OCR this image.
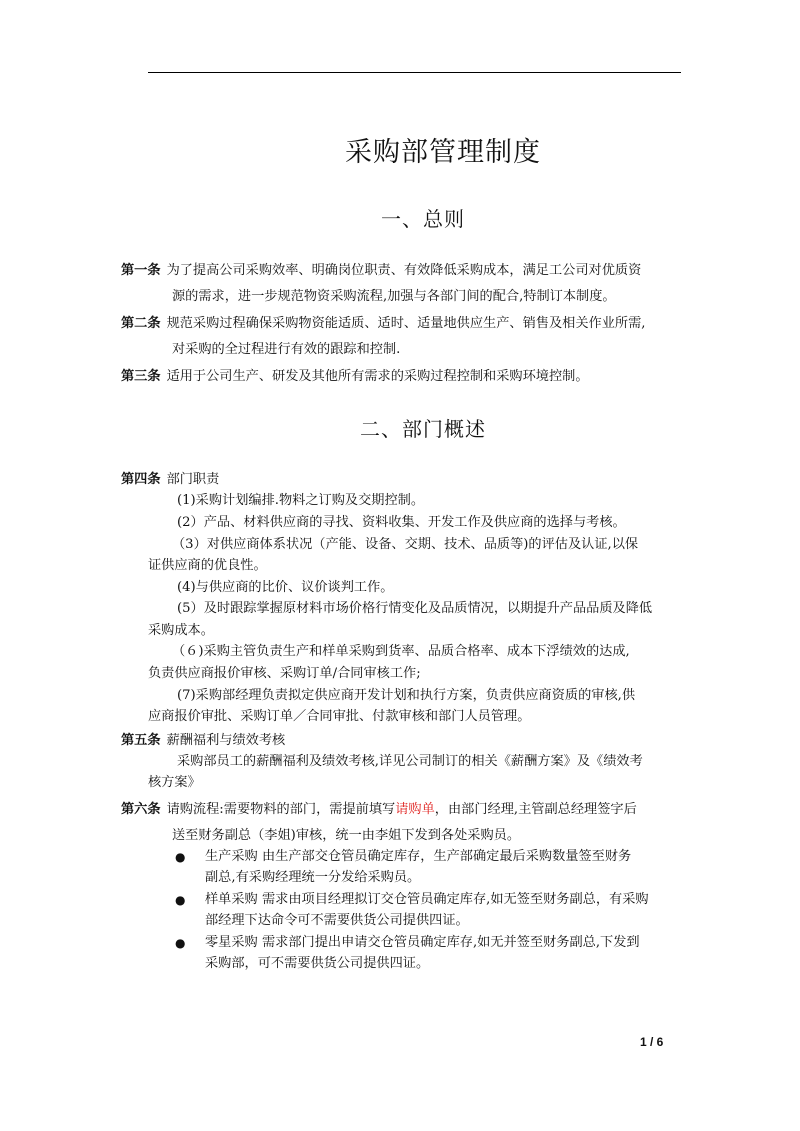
采购部管理制度
一、总则
第一条 为了提高公司采购效率、明确岗位职责、有效降低采购成本，满足工公司对优质资
源的需求，进一步规范物资采购流程,加强与各部门间的配合,特制订本制度。
第二条 规范采购过程确保采购物资能适质、适时、适量地供应生产、销售及相关作业所需,
对采购的全过程进行有效的跟踪和控制.
第三条 适用于公司生产、研发及其他所有需求的采购过程控制和采购环境控制。
二、部门概述
第四条 部门职责
(1)采购计划编排.物料之订购及交期控制。
(2）产品、材料供应商的寻找、资料收集、开发工作及供应商的选择与考核。
（3）对供应商体系状况（产能、设备、交期、技术、品质等)的评估及认证,以保
证供应商的优良性。
(4)与供应商的比价、议价谈判工作。
(5）及时跟踪掌握原材料市场价格行情变化及品质情况，以期提升产品品质及降低
采购成本。
（６)采购主管负责生产和样单采购到货率、品质合格率、成本下浮绩效的达成,
负责供应商报价审核、采购订单/合同审核工作;
(7)采购部经理负责拟定供应商开发计划和执行方案，负责供应商资质的审核,供
应商报价审批、采购订单／合同审批、付款审核和部门人员管理。
第五条 薪酬福利与绩效考核
采购部员工的薪酬福利及绩效考核,详见公司制订的相关《薪酬方案》及《绩效考
核方案》
第六条 请购流程:需要物料的部门，需提前填写请购单，由部门经理,主管副总经理签字后
送至财务副总（李姐)审核，统一由李姐下发到各处采购员。
● 生产采购 由生产部交仓管员确定库存，生产部确定最后采购数量签至财务
副总,有采购经理统一分发给采购员。
● 样单采购 需求由项目经理拟订交仓管员确定库存,如无签至财务副总，有采购
部经理下达命令可不需要供货公司提供四证。
● 零星采购 需求部门提出申请交仓管员确定库存,如无并签至财务副总,下发到
采购部，可不需要供货公司提供四证。
1 / 6
